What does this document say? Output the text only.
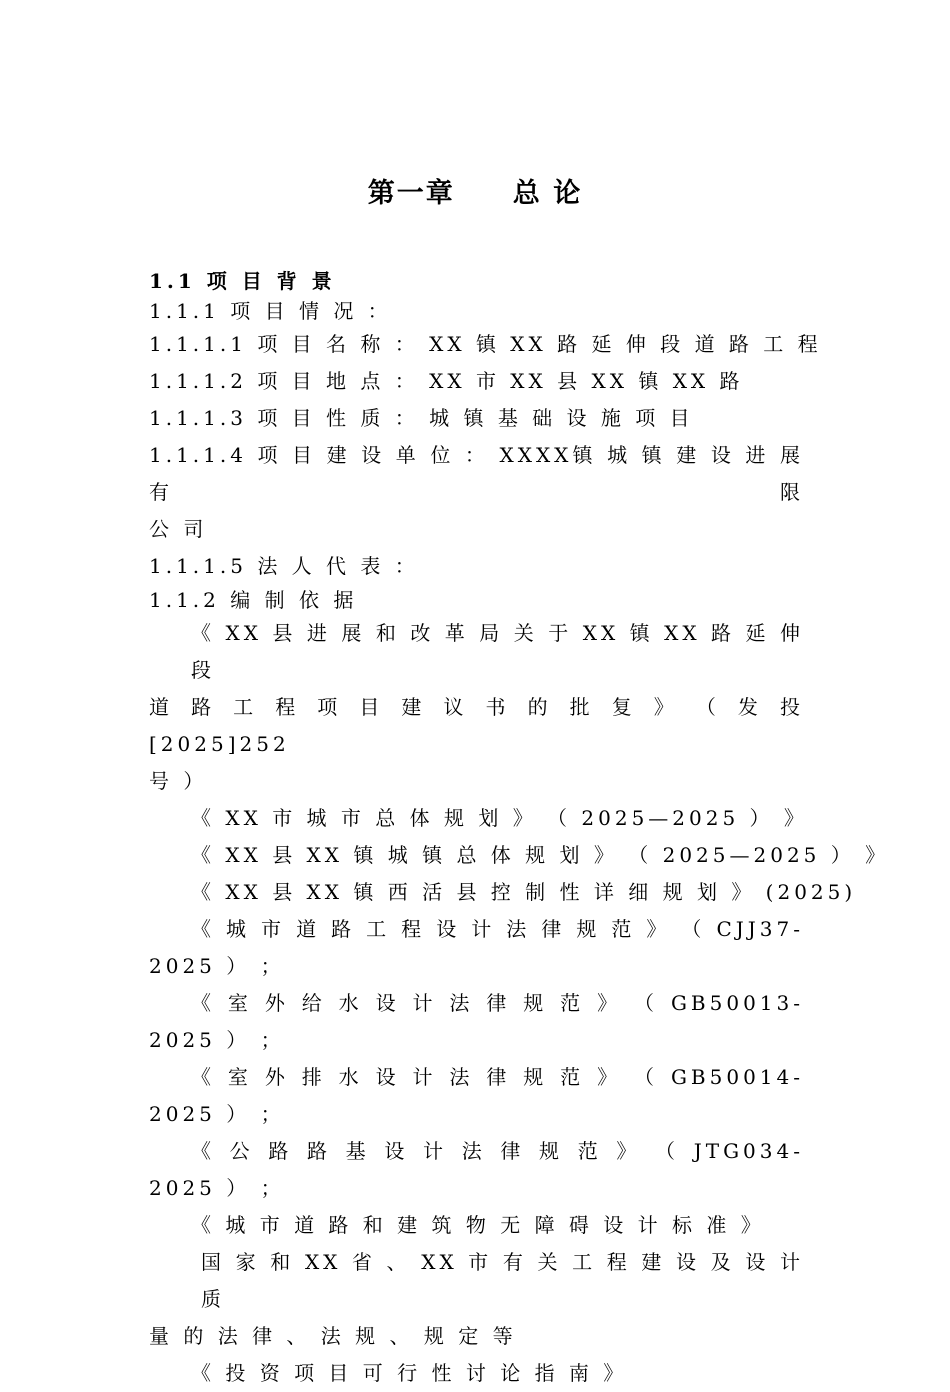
第一章　　总 论
1.1 项 目 背 景
1.1.1 项 目 情 况 ：
1.1.1.1 项 目 名 称 ： XX 镇 XX 路 延 伸 段 道 路 工 程
1.1.1.2 项 目 地 点 ： XX 市 XX 县 XX 镇 XX 路
1.1.1.3 项 目 性 质 ： 城 镇 基 础 设 施 项 目
1.1.1.4 项 目 建 设 单 位 ： XXXX镇 城 镇 建 设 进 展 有 限
公 司
1.1.1.5 法 人 代 表 ：
1.1.2 编 制 依 据
《 XX 县 进 展 和 改 革 局 关 于 XX 镇 XX 路 延 伸 段
道 路 工 程 项 目 建 议 书 的 批 复 》 （ 发 投 [2025]252
号 ）
《 XX 市 城 市 总 体 规 划 》 （ 2025—2025 ） 》
《 XX 县 XX 镇 城 镇 总 体 规 划 》 （ 2025—2025 ） 》
《 XX 县 XX 镇 西 活 县 控 制 性 详 细 规 划 》 (2025)
《 城 市 道 路 工 程 设 计 法 律 规 范 》 （ CJJ37-
2025 ） ；
《 室 外 给 水 设 计 法 律 规 范 》 （ GB50013-
2025 ） ；
《 室 外 排 水 设 计 法 律 规 范 》 （ GB50014-
2025 ） ；
《 公 路 路 基 设 计 法 律 规 范 》 （ JTG034-
2025 ） ；
《 城 市 道 路 和 建 筑 物 无 障 碍 设 计 标 准 》
国 家 和 XX 省 、 XX 市 有 关 工 程 建 设 及 设 计 质
量 的 法 律 、 法 规 、 规 定 等
《 投 资 项 目 可 行 性 讨 论 指 南 》
